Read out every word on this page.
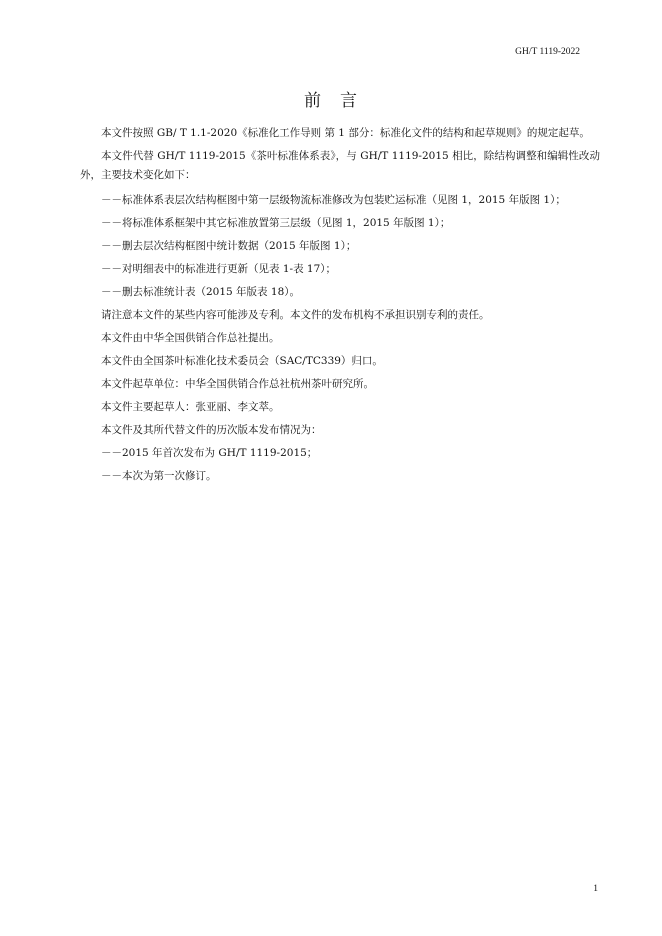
GH/T 1119-2022
前　言

本文件按照 GB/ T 1.1-2020《标准化工作导则 第 1 部分：标准化文件的结构和起草规则》的规定起草。

本文件代替 GH/T 1119-2015《茶叶标准体系表》，与 GH/T 1119-2015 相比，除结构调整和编辑性改动外，主要技术变化如下：

－－标准体系表层次结构框图中第一层级物流标准修改为包装贮运标准（见图 1，2015 年版图 1）；

－－将标准体系框架中其它标准放置第三层级（见图 1，2015 年版图 1）；

－－删去层次结构框图中统计数据（2015 年版图 1）；

－－对明细表中的标准进行更新（见表 1-表 17）；

－－删去标准统计表（2015 年版表 18）。

请注意本文件的某些内容可能涉及专利。本文件的发布机构不承担识别专利的责任。

本文件由中华全国供销合作总社提出。

本文件由全国茶叶标准化技术委员会（SAC/TC339）归口。

本文件起草单位：中华全国供销合作总社杭州茶叶研究所。

本文件主要起草人：张亚丽、李文萃。

本文件及其所代替文件的历次版本发布情况为：

－－2015 年首次发布为 GH/T 1119-2015；

－－本次为第一次修订。

1
